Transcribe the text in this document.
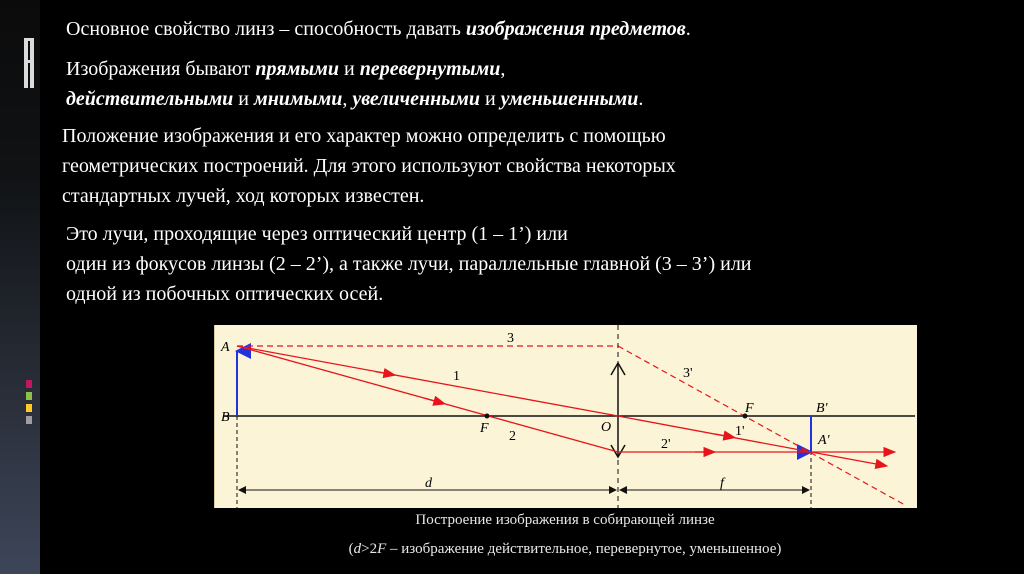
Основное свойство линз – способность давать изображения предметов.
Изображения бывают прямыми и перевернутыми,
действительными и мнимыми, увеличенными и уменьшенными.
Положение изображения и его характер можно определить с помощью
геометрических построений. Для этого используют свойства некоторых
стандартных лучей, ход которых известен.
Это лучи, проходящие через оптический центр (1 – 1’) или
один из фокусов линзы (2 – 2’), а также лучи, параллельные главной (3 – 3’) или
одной из побочных оптических осей.
A
B
3
1	3'
F
2
O
2'
F
1'
B'
A'
d	f
Построение изображения в собирающей линзе
(d>2F – изображение действительное, перевернутое, уменьшенное)
